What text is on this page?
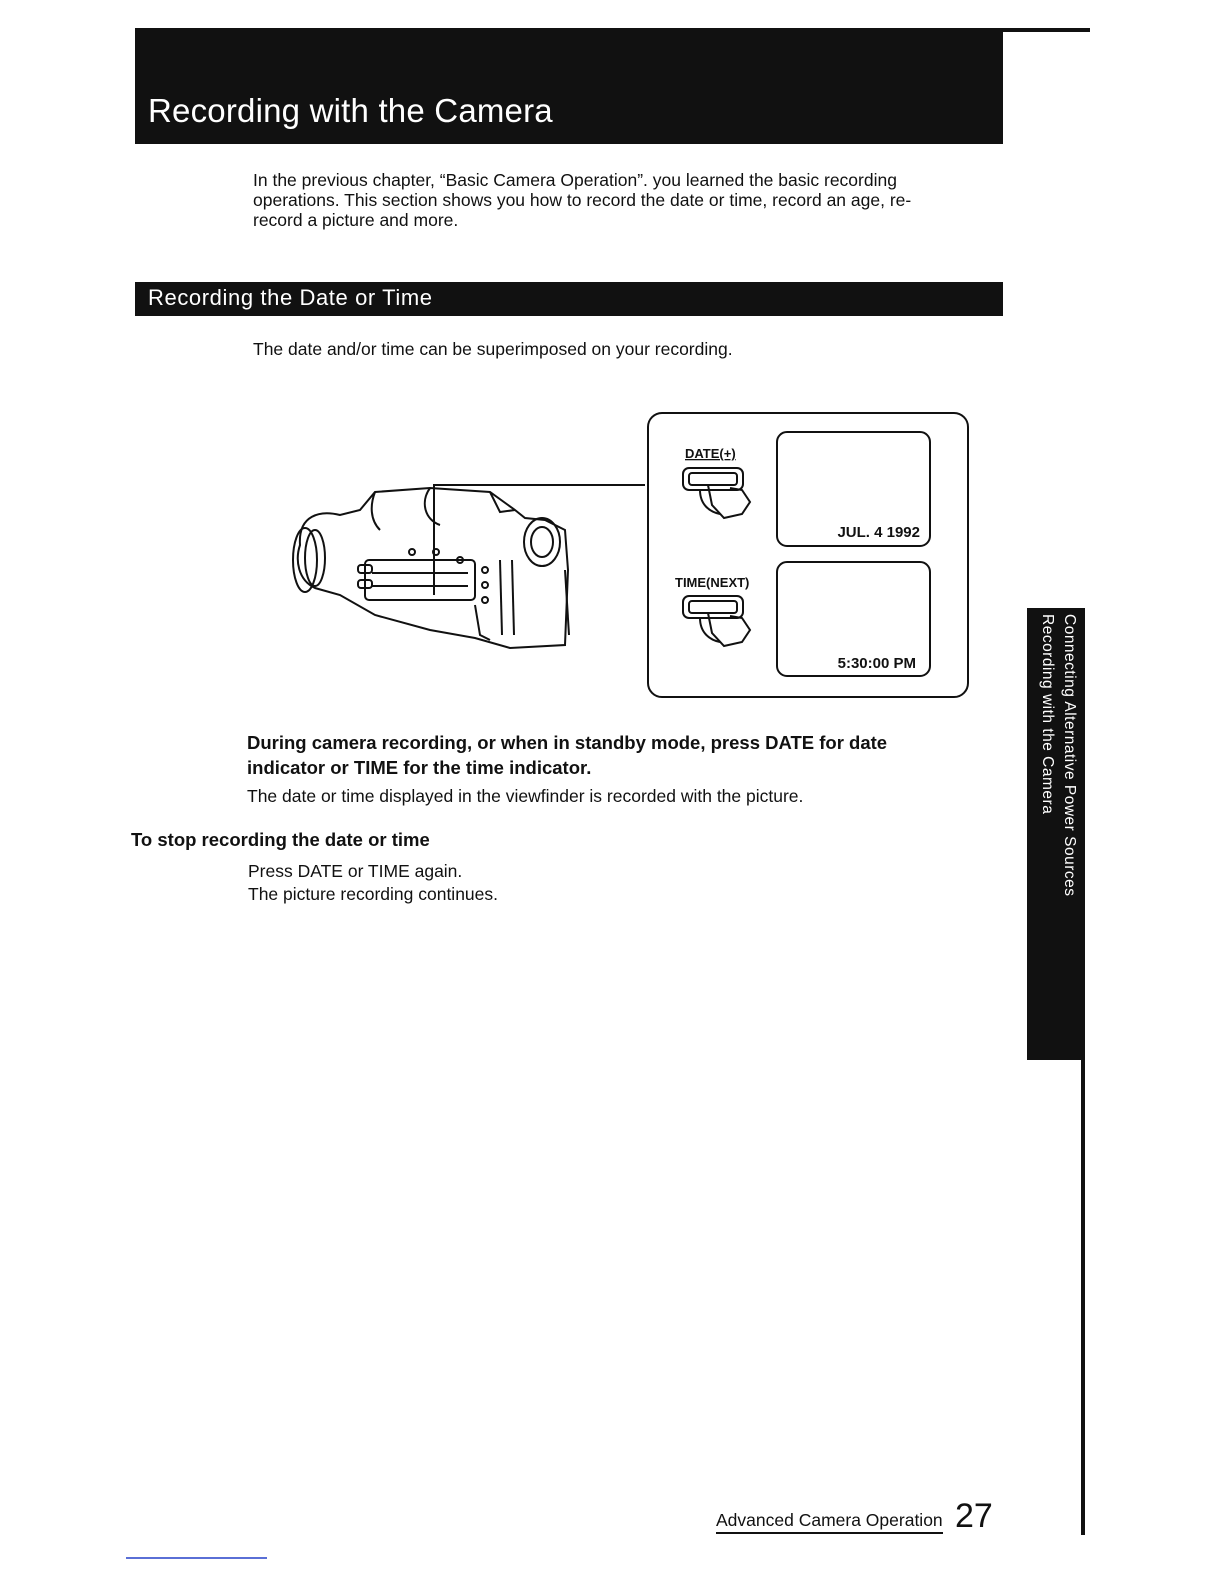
Recording with the Camera
In the previous chapter, “Basic Camera Operation”. you learned the basic recording operations. This section shows you how to record the date or time, record an age, re-record a picture and more.
Recording the Date or Time
The date and/or time can be superimposed on your recording.
DATE(+)
TIME(NEXT)
JUL. 4 1992
5:30:00 PM
During camera recording, or when in standby mode, press DATE for date indicator or TIME for the time indicator.
The date or time displayed in the viewfinder is recorded with the picture.
To stop recording the date or time
Press DATE or TIME again.
The picture recording continues.	Connecting Alternative Power Sources
Recording with the Camera
Advanced Camera Operation 27
